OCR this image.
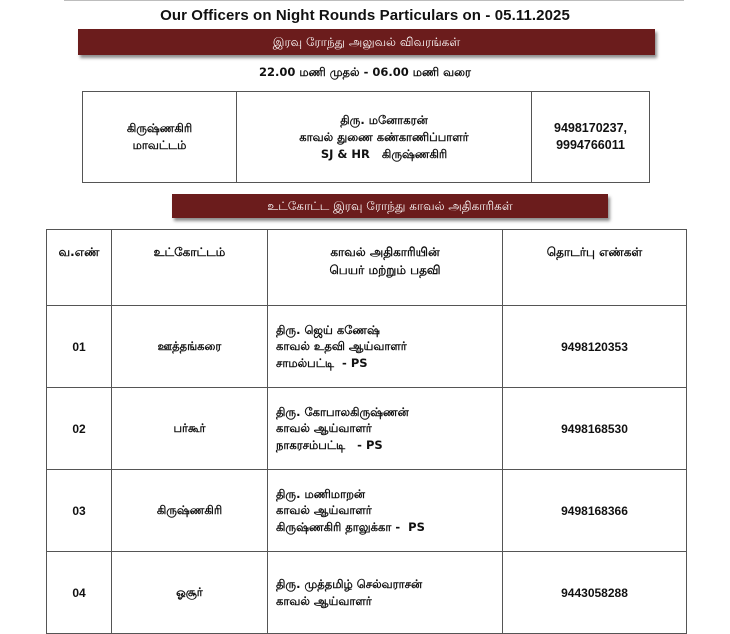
Our Officers on Night Rounds Particulars on - 05.11.2025
இரவு ரோந்து அலுவல் விவரங்கள்
22.00 மணி முதல் - 06.00 மணி வரை
கிருஷ்ணகிரி
மாவட்டம்

திரு. மனோகரன்
காவல் துணை கண்காணிப்பாளர்
SJ & HR   கிருஷ்ணகிரி

9498170237,
9994766011
உட்கோட்ட இரவு ரோந்து காவல் அதிகாரிகள்
வ.எண்	உட்கோட்டம்	காவல் அதிகாரியின்
பெயர் மற்றும் பதவி	தொடர்பு எண்கள்
01	ஊத்தங்கரை	திரு. ஜெய் கணேஷ்
காவல் உதவி ஆய்வாளர்
சாமல்பட்டி  - PS	9498120353
02	பர்கூர்	திரு. கோபாலகிருஷ்ணன்
காவல் ஆய்வாளர்
நாகரசம்பட்டி   - PS	9498168530
03	கிருஷ்ணகிரி	திரு. மணிமாறன்
காவல் ஆய்வாளர்
கிருஷ்ணகிரி தாலுக்கா -  PS	9498168366
04	ஓசூர்	திரு. முத்தமிழ் செல்வராசன்
காவல் ஆய்வாளர்	9443058288
